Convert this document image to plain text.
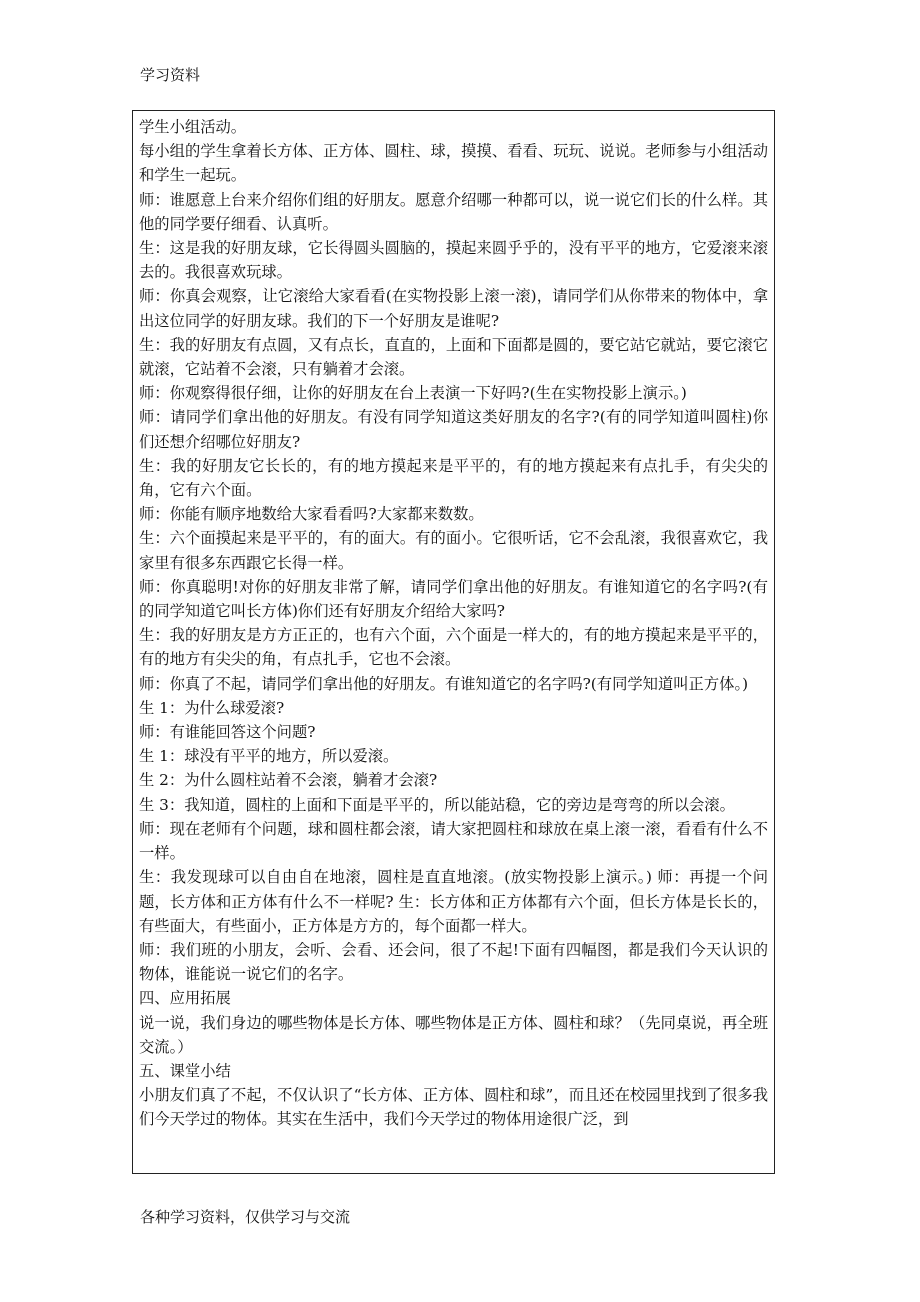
学习资料
学生小组活动。
每小组的学生拿着长方体、正方体、圆柱、球，摸摸、看看、玩玩、说说。老师参与小组活动和学生一起玩。
师：谁愿意上台来介绍你们组的好朋友。愿意介绍哪一种都可以，说一说它们长的什么样。其他的同学要仔细看、认真听。
生：这是我的好朋友球，它长得圆头圆脑的，摸起来圆乎乎的，没有平平的地方，它爱滚来滚去的。我很喜欢玩球。
师：你真会观察，让它滚给大家看看(在实物投影上滚一滚)，请同学们从你带来的物体中，拿出这位同学的好朋友球。我们的下一个好朋友是谁呢?
生：我的好朋友有点圆，又有点长，直直的，上面和下面都是圆的，要它站它就站，要它滚它就滚，它站着不会滚，只有躺着才会滚。
师：你观察得很仔细，让你的好朋友在台上表演一下好吗?(生在实物投影上演示。)
师：请同学们拿出他的好朋友。有没有同学知道这类好朋友的名字?(有的同学知道叫圆柱)你们还想介绍哪位好朋友?
生：我的好朋友它长长的，有的地方摸起来是平平的，有的地方摸起来有点扎手，有尖尖的角，它有六个面。
师：你能有顺序地数给大家看看吗?大家都来数数。
生：六个面摸起来是平平的，有的面大。有的面小。它很听话，它不会乱滚，我很喜欢它，我家里有很多东西跟它长得一样。
师：你真聪明!对你的好朋友非常了解，请同学们拿出他的好朋友。有谁知道它的名字吗?(有的同学知道它叫长方体)你们还有好朋友介绍给大家吗?
生：我的好朋友是方方正正的，也有六个面，六个面是一样大的，有的地方摸起来是平平的，有的地方有尖尖的角，有点扎手，它也不会滚。
师：你真了不起，请同学们拿出他的好朋友。有谁知道它的名字吗?(有同学知道叫正方体。)
生 1：为什么球爱滚?
师：有谁能回答这个问题?
生 1：球没有平平的地方，所以爱滚。
生 2：为什么圆柱站着不会滚，躺着才会滚?
生 3：我知道，圆柱的上面和下面是平平的，所以能站稳，它的旁边是弯弯的所以会滚。
师：现在老师有个问题，球和圆柱都会滚，请大家把圆柱和球放在桌上滚一滚，看看有什么不一样。
生：我发现球可以自由自在地滚，圆柱是直直地滚。(放实物投影上演示。) 师：再提一个问题，长方体和正方体有什么不一样呢? 生：长方体和正方体都有六个面，但长方体是长长的，有些面大，有些面小，正方体是方方的，每个面都一样大。
师：我们班的小朋友，会听、会看、还会问，很了不起!下面有四幅图，都是我们今天认识的物体，谁能说一说它们的名字。
四、应用拓展
说一说，我们身边的哪些物体是长方体、哪些物体是正方体、圆柱和球？（先同桌说，再全班交流。）
五、课堂小结
小朋友们真了不起，不仅认识了“长方体、正方体、圆柱和球”，而且还在校园里找到了很多我们今天学过的物体。其实在生活中，我们今天学过的物体用途很广泛，到
各种学习资料，仅供学习与交流
